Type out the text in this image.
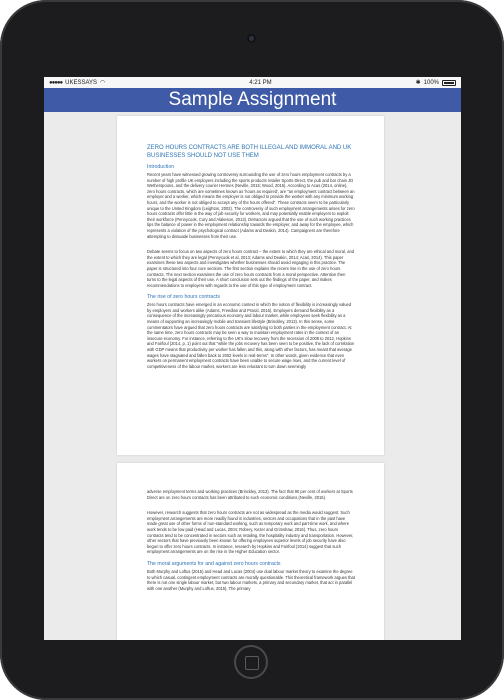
●●●●● UKESSAYS ◠	4:21 PM	✱ 100%
Sample Assignment
ZERO HOURS CONTRACTS ARE BOTH ILLEGAL AND IMMORAL AND UK BUSINESSES SHOULD NOT USE THEM
Introduction

Recent years have witnessed growing controversy surrounding the use of zero hours employment contracts by a number of high profile UK employers including the sports products retailer Sports Direct, the pub and bar chain JD Wetherspoons, and the delivery courier Hermes (Neville, 2015; Wood, 2016). According to Acas (2014, online), zero hours contracts, which are sometimes known as 'hours as required', are "an employment contract between an employer and a worker, which means the employer is not obliged to provide the worker with any minimum working hours, and the worker is not obliged to accept any of the hours offered". These contracts seem to be particularly unique to the United Kingdom (Leighton, 2002). The controversy of such employment arrangements arises for zero hours contracts offer little in the way of job security for workers, and may potentially enable employers to exploit their workforce (Pennycook, Cory and Alakeson, 2013). Detractors argued that the use of such working practices tips the balance of power in the employment relationship towards the employer, and away for the employee, which represents a violation of the psychological contract (Adams and Deakin, 2014). Campaigners are therefore attempting to dissuade businesses from their use.

Debate seems to focus on two aspects of zero hours contract – the extent to which they are ethical and moral, and the extent to which they are legal (Pennycook et al, 2013; Adams and Deakin, 2014; Acas, 2014). This paper examines these two aspects and investigates whether businesses should avoid engaging in this practice. The paper is structured into four core sections. The first section explains the recent rise in the use of zero hours contracts. The next section examines the use of zero hours contracts from a moral perspective. Attention then turns to the legal aspects of their use. A short conclusion sets out the findings of the paper, and makes recommendations to employers with regards to the use of this type of employment contract.

The rise of zero hours contracts

Zero hours contracts have emerged in an economic context in which the notion of flexibility is increasingly valued by employers and workers alike (Adams, Freedlan and Prassl, 2015). Employers demand flexibility as a consequence of the increasingly precarious economy and labour market, while employees seek flexibility as a means of supporting an increasingly mobile and transient lifestyle (Brinckley, 2013). In this sense, some commentators have argued that zero hours contracts are satisfying to both parties in the employment contract. At the same time, zero hours contracts may be seen a way to maintain employment rates in the context of an insecure economy. For instance, referring to the UK's slow recovery from the recession of 2008 to 2012, Hopkins and Fairfoul (2014, p. 1) point out that "while the jobs recovery has been seen to be positive, the lack of correlation with GDP means that productivity per worker has fallen and this, along with other factors, has meant that average wages have stagnated and fallen back to 2002 levels in real-terms". In other words, given evidence that even workers on permanent employment contracts have been unable to secure wage rises, and the current level of competitiveness of the labour market, workers are less reluctant to turn down seemingly

adverse employment terms and working practices (Brinckley, 2013). The fact that 90 per cent of workers at Sports Direct are on zero hours contracts has been attributed to such economic conditions (Neville, 2015).

However, research suggests that zero hours contracts are not as widespread as the media would suggest. Such employment arrangements are more readily found in industries, sectors and occupations that in the past have made great use of other forms of non-standard working, such as temporary work and part-time work, and where work tends to be low paid (Head and Lucas, 2004; Robery, Kezer and Grimshaw, 2016). Thus, zero hours contracts tend to be concentrated in sectors such as retailing, the hospitality industry and transportation. However, other sectors that have previously been known for offering employees superior levels of job security have also begun to offer zero hours contracts. In instance, research by Hopkins and Fairfoul (2014) suggest that such employment arrangements are on the rise in the Higher Education sector.

The moral arguments for and against zero hours contracts

Both Murphy and Loftus (2015) and Head and Lucas (2004) use dual labour market theory to examine the degree to which casual, contingent employment contracts are morally questionable. This theoretical framework argues that there is not one single labour market, but two labour markets, a primary and secondary market, that act in parallel with one another (Murphy and Loftus, 2015). The primary
